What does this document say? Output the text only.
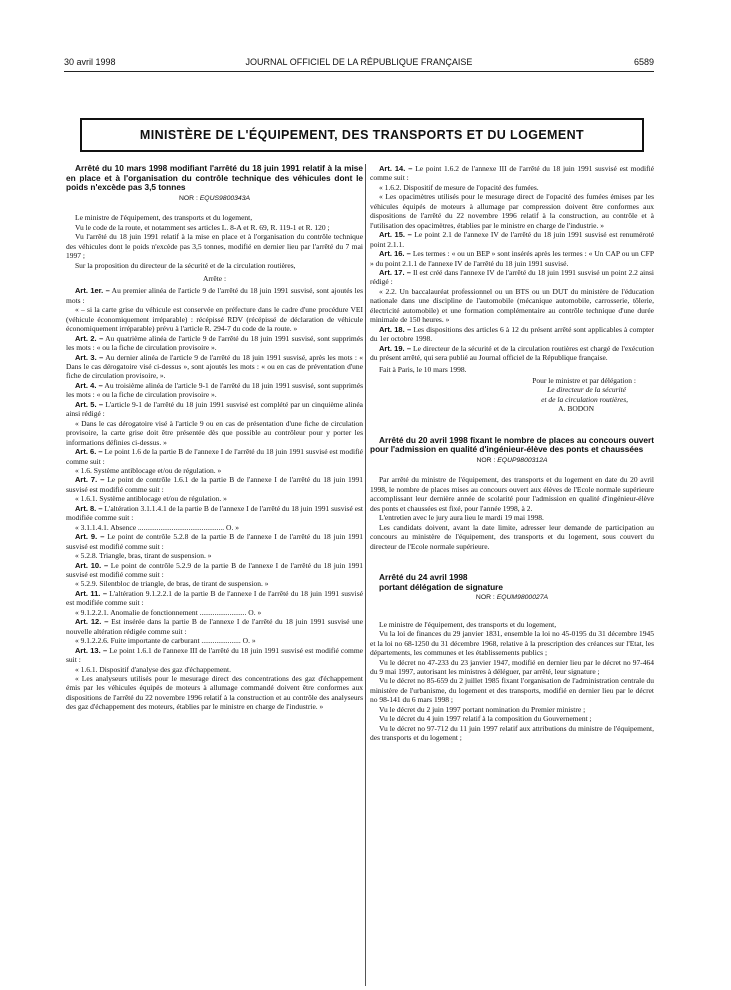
30 avril 1998	JOURNAL OFFICIEL DE LA RÉPUBLIQUE FRANÇAISE	6589
MINISTÈRE DE L'ÉQUIPEMENT, DES TRANSPORTS ET DU LOGEMENT

Arrêté du 10 mars 1998 modifiant l'arrêté du 18 juin 1991 relatif à la mise en place et à l'organisation du contrôle technique des véhicules dont le poids n'excède pas 3,5 tonnes

NOR : EQUS9800343A

Le ministre de l'équipement, des transports et du logement,

Vu le code de la route, et notamment ses articles L. 8-A et R. 69, R. 119-1 et R. 120 ;

Vu l'arrêté du 18 juin 1991 relatif à la mise en place et à l'organisation du contrôle technique des véhicules dont le poids n'excède pas 3,5 tonnes, modifié en dernier lieu par l'arrêté du 7 mai 1997 ;

Sur la proposition du directeur de la sécurité et de la circulation routières,

Arrête :

Art. 1er. – Au premier alinéa de l'article 9 de l'arrêté du 18 juin 1991 susvisé, sont ajoutés les mots :

« – si la carte grise du véhicule est conservée en préfecture dans le cadre d'une procédure VEI (véhicule économiquement irréparable) : récépissé RDV (récépissé de déclaration de véhicule économiquement irréparable) prévu à l'article R. 294-7 du code de la route. »

Art. 2. – Au quatrième alinéa de l'article 9 de l'arrêté du 18 juin 1991 susvisé, sont supprimés les mots : « ou la fiche de circulation provisoire ».

Art. 3. – Au dernier alinéa de l'article 9 de l'arrêté du 18 juin 1991 susvisé, après les mots : « Dans le cas dérogatoire visé ci-dessus », sont ajoutés les mots : « ou en cas de préventation d'une fiche de circulation provisoire, ».

Art. 4. – Au troisième alinéa de l'article 9-1 de l'arrêté du 18 juin 1991 susvisé, sont supprimés les mots : « ou la fiche de circulation provisoire ».

Art. 5. – L'article 9-1 de l'arrêté du 18 juin 1991 susvisé est complété par un cinquième alinéa ainsi rédigé :

« Dans le cas dérogatoire visé à l'article 9 ou en cas de présentation d'une fiche de circulation provisoire, la carte grise doit être présentée dès que possible au contrôleur pour y porter les informations définies ci-dessus. »

Art. 6. – Le point 1.6 de la partie B de l'annexe I de l'arrêté du 18 juin 1991 susvisé est modifié comme suit :

« 1.6. Système antiblocage et/ou de régulation. »

Art. 7. – Le point de contrôle 1.6.1 de la partie B de l'annexe I de l'arrêté du 18 juin 1991 susvisé est modifié comme suit :

« 1.6.1. Système antiblocage et/ou de régulation. »

Art. 8. – L'altération 3.1.1.4.1 de la partie B de l'annexe I de l'arrêté du 18 juin 1991 susvisé est modifiée comme suit :

« 3.1.1.4.1. Absence .............................................. O. »

Art. 9. – Le point de contrôle 5.2.8 de la partie B de l'annexe I de l'arrêté du 18 juin 1991 susvisé est modifié comme suit :

« 5.2.8. Triangle, bras, tirant de suspension. »

Art. 10. – Le point de contrôle 5.2.9 de la partie B de l'annexe I de l'arrêté du 18 juin 1991 susvisé est modifié comme suit :

« 5.2.9. Silentbloc de triangle, de bras, de tirant de suspension. »

Art. 11. – L'altération 9.1.2.2.1 de la partie B de l'annexe I de l'arrêté du 18 juin 1991 susvisé est modifiée comme suit :

« 9.1.2.2.1. Anomalie de fonctionnement ......................... O. »

Art. 12. – Est insérée dans la partie B de l'annexe I de l'arrêté du 18 juin 1991 susvisé une nouvelle altération rédigée comme suit :

« 9.1.2.2.6. Fuite importante de carburant ..................... O. »

Art. 13. – Le point 1.6.1 de l'annexe III de l'arrêté du 18 juin 1991 susvisé est modifié comme suit :

« 1.6.1. Dispositif d'analyse des gaz d'échappement.

« Les analyseurs utilisés pour le mesurage direct des concentrations des gaz d'échappement émis par les véhicules équipés de moteurs à allumage commandé doivent être conformes aux dispositions de l'arrêté du 22 novembre 1996 relatif à la construction et au contrôle des analyseurs des gaz d'échappement des moteurs, établies par le ministre en charge de l'industrie. »

Art. 14. – Le point 1.6.2 de l'annexe III de l'arrêté du 18 juin 1991 susvisé est modifié comme suit :

« 1.6.2. Dispositif de mesure de l'opacité des fumées.

« Les opacimètres utilisés pour le mesurage direct de l'opacité des fumées émises par les véhicules équipés de moteurs à allumage par compression doivent être conformes aux dispositions de l'arrêté du 22 novembre 1996 relatif à la construction, au contrôle et à l'utilisation des opacimètres, établies par le ministre en charge de l'industrie. »

Art. 15. – Le point 2.1 de l'annexe IV de l'arrêté du 18 juin 1991 susvisé est renuméroté point 2.1.1.

Art. 16. – Les termes : « ou un BEP » sont insérés après les termes : « Un CAP ou un CFP » du point 2.1.1 de l'annexe IV de l'arrêté du 18 juin 1991 susvisé.

Art. 17. – Il est créé dans l'annexe IV de l'arrêté du 18 juin 1991 susvisé un point 2.2 ainsi rédigé :

« 2.2. Un baccalauréat professionnel ou un BTS ou un DUT du ministère de l'éducation nationale dans une discipline de l'automobile (mécanique automobile, carrosserie, tôlerie, électricité automobile) et une formation complémentaire au contrôle technique d'une durée minimale de 150 heures. »

Art. 18. – Les dispositions des articles 6 à 12 du présent arrêté sont applicables à compter du 1er octobre 1998.

Art. 19. – Le directeur de la sécurité et de la circulation routières est chargé de l'exécution du présent arrêté, qui sera publié au Journal officiel de la République française.

Fait à Paris, le 10 mars 1998.

Pour le ministre et par délégation :

Le directeur de la sécurité

et de la circulation routières,

A. BODON

Arrêté du 20 avril 1998 fixant le nombre de places au concours ouvert pour l'admission en qualité d'ingénieur-élève des ponts et chaussées

NOR : EQUP9800312A

Par arrêté du ministre de l'équipement, des transports et du logement en date du 20 avril 1998, le nombre de places mises au concours ouvert aux élèves de l'Ecole normale supérieure accomplissant leur dernière année de scolarité pour l'admission en qualité d'ingénieur-élève des ponts et chaussées est fixé, pour l'année 1998, à 2.

L'entretien avec le jury aura lieu le mardi 19 mai 1998.

Les candidats doivent, avant la date limite, adresser leur demande de participation au concours au ministère de l'équipement, des transports et du logement, sous couvert du directeur de l'Ecole normale supérieure.

Arrêté du 24 avril 1998

portant délégation de signature

NOR : EQUM9800027A

Le ministre de l'équipement, des transports et du logement,

Vu la loi de finances du 29 janvier 1831, ensemble la loi no 45-0195 du 31 décembre 1945 et la loi no 68-1250 du 31 décembre 1968, relative à la prescription des créances sur l'Etat, les départements, les communes et les établissements publics ;

Vu le décret no 47-233 du 23 janvier 1947, modifié en dernier lieu par le décret no 97-464 du 9 mai 1997, autorisant les ministres à déléguer, par arrêté, leur signature ;

Vu le décret no 85-659 du 2 juillet 1985 fixant l'organisation de l'administration centrale du ministère de l'urbanisme, du logement et des transports, modifié en dernier lieu par le décret no 98-141 du 6 mars 1998 ;

Vu le décret du 2 juin 1997 portant nomination du Premier ministre ;

Vu le décret du 4 juin 1997 relatif à la composition du Gouvernement ;

Vu le décret no 97-712 du 11 juin 1997 relatif aux attributions du ministre de l'équipement, des transports et du logement ;
